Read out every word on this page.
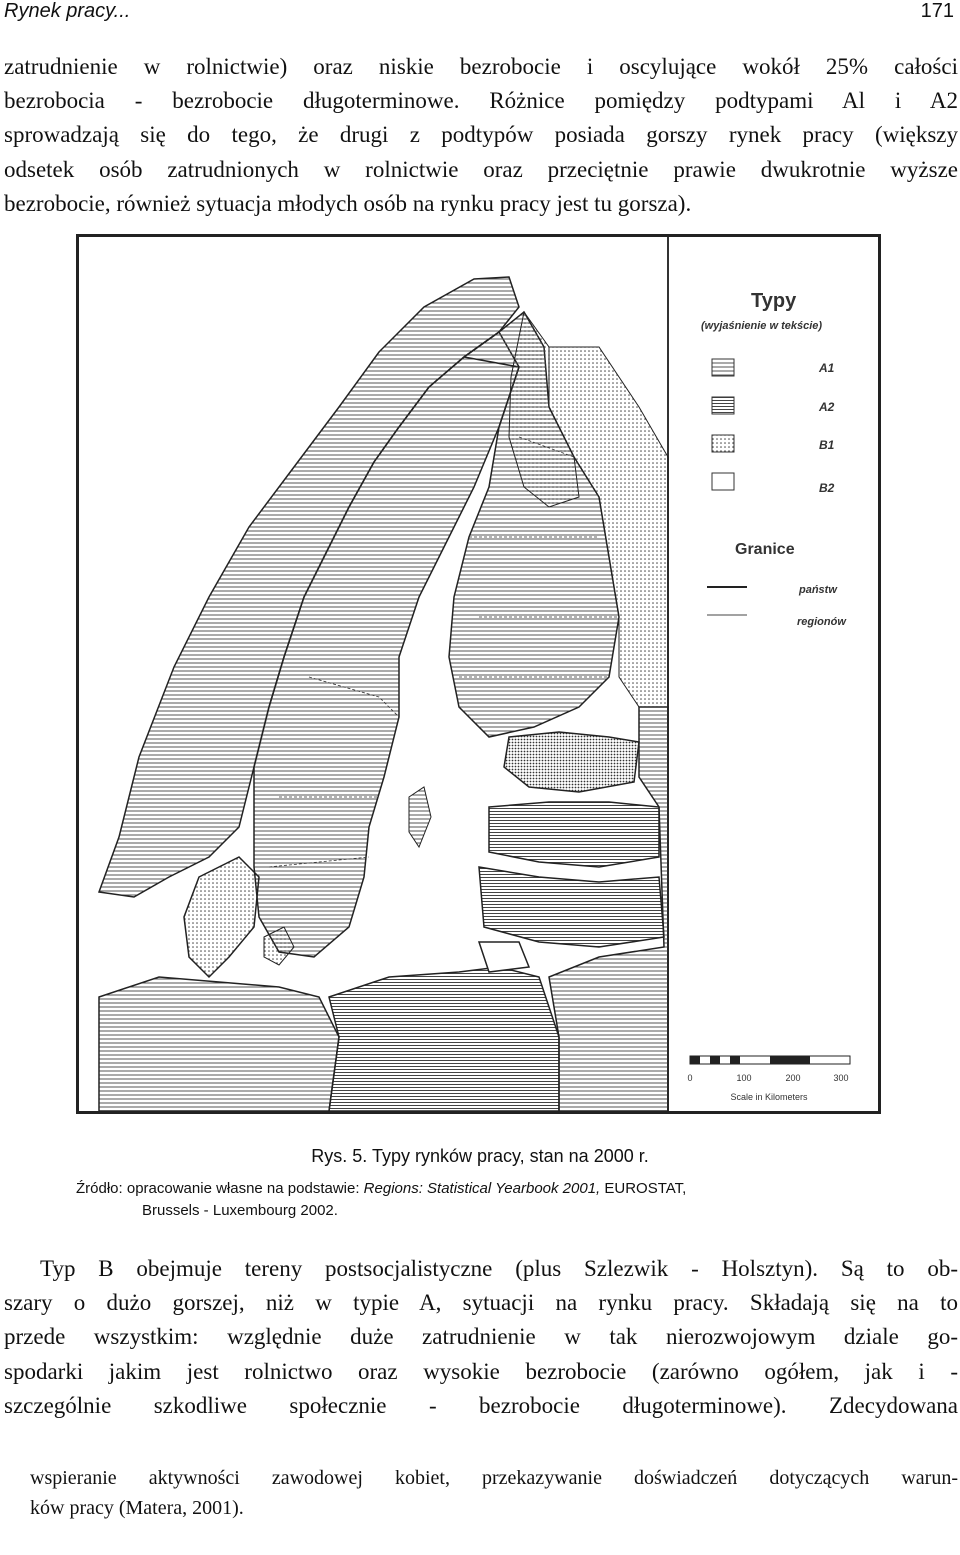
Rynek pracy...	171
zatrudnienie w rolnictwie) oraz niskie bezrobocie i oscylujące wokół 25% całości
bezrobocia - bezrobocie długoterminowe. Różnice pomiędzy podtypami Al i A2
sprowadzają się do tego, że drugi z podtypów posiada gorszy rynek pracy (większy
odsetek osób zatrudnionych w rolnictwie oraz przeciętnie prawie dwukrotnie wyższe
bezrobocie, również sytuacja młodych osób na rynku pracy jest tu gorsza).
Typy
(wyjaśnienie w tekście)
A1
A2
B1
B2
Granice
państw
regionów
0	100	200	300
Scale in Kilometers
Rys. 5. Typy rynków pracy, stan na 2000 r.
Źródło: opracowanie własne na podstawie: Regions: Statistical Yearbook 2001, EUROSTAT,
Brussels - Luxembourg 2002.
Typ B obejmuje tereny postsocjalistyczne (plus Szlezwik - Holsztyn). Są to ob-
szary o dużo gorszej, niż w typie A, sytuacji na rynku pracy. Składają się na to
przede wszystkim: względnie duże zatrudnienie w tak nierozwojowym dziale go-
spodarki jakim jest rolnictwo oraz wysokie bezrobocie (zarówno ogółem, jak i -
szczególnie szkodliwe społecznie - bezrobocie długoterminowe). Zdecydowana
wspieranie aktywności zawodowej kobiet, przekazywanie doświadczeń dotyczących warun-
ków pracy (Matera, 2001).
